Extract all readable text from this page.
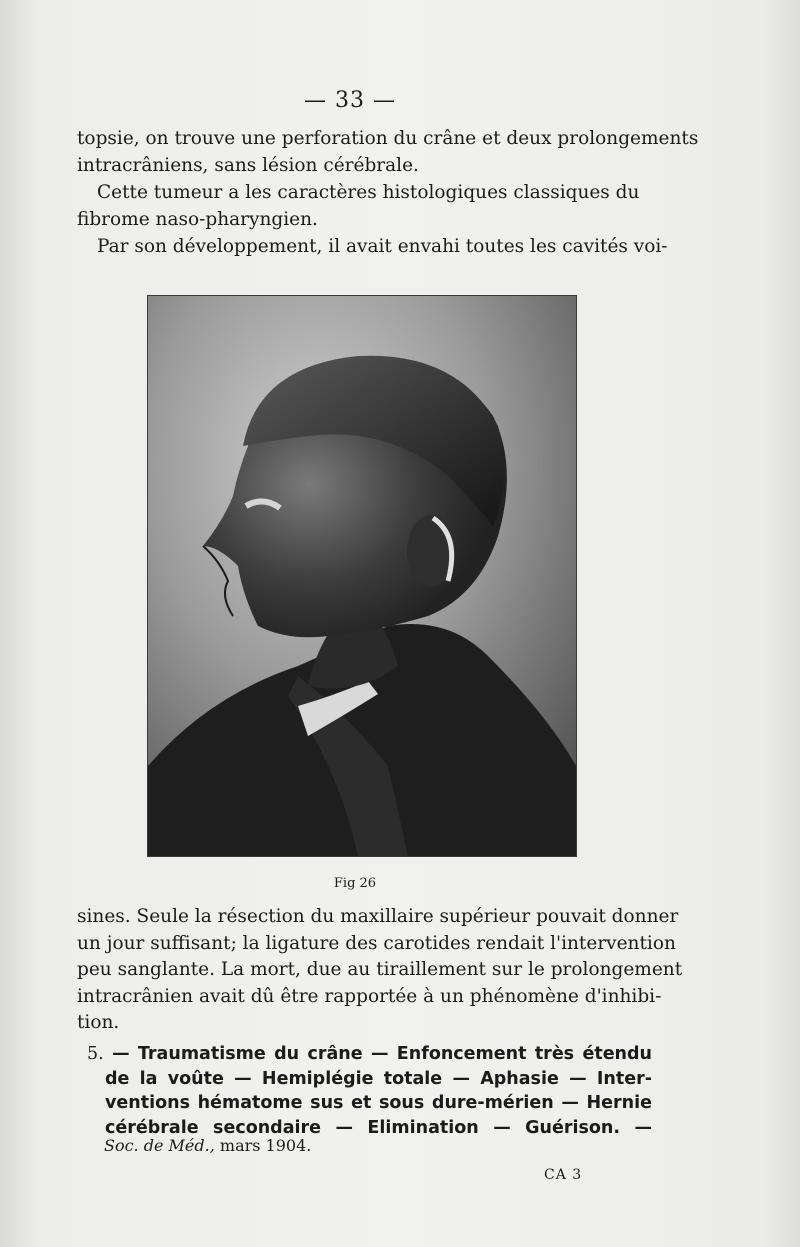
— 33 —
topsie, on trouve une perforation du crâne et deux prolongements
intracrâniens, sans lésion cérébrale.
Cette tumeur a les caractères histologiques classiques du
fibrome naso-pharyngien.
Par son développement, il avait envahi toutes les cavités voi-
Fig 26
sines. Seule la résection du maxillaire supérieur pouvait donner
un jour suffisant; la ligature des carotides rendait l'intervention
peu sanglante. La mort, due au tiraillement sur le prolongement
intracrânien avait dû être rapportée à un phénomène d'inhibi-
tion.
5. — Traumatisme du crâne — Enfoncement très étendu
de la voûte — Hemiplégie totale — Aphasie — Inter-
ventions hématome sus et sous dure-mérien — Hernie
cérébrale secondaire — Elimination — Guérison. —
Soc. de Méd., mars 1904.
CA 3
